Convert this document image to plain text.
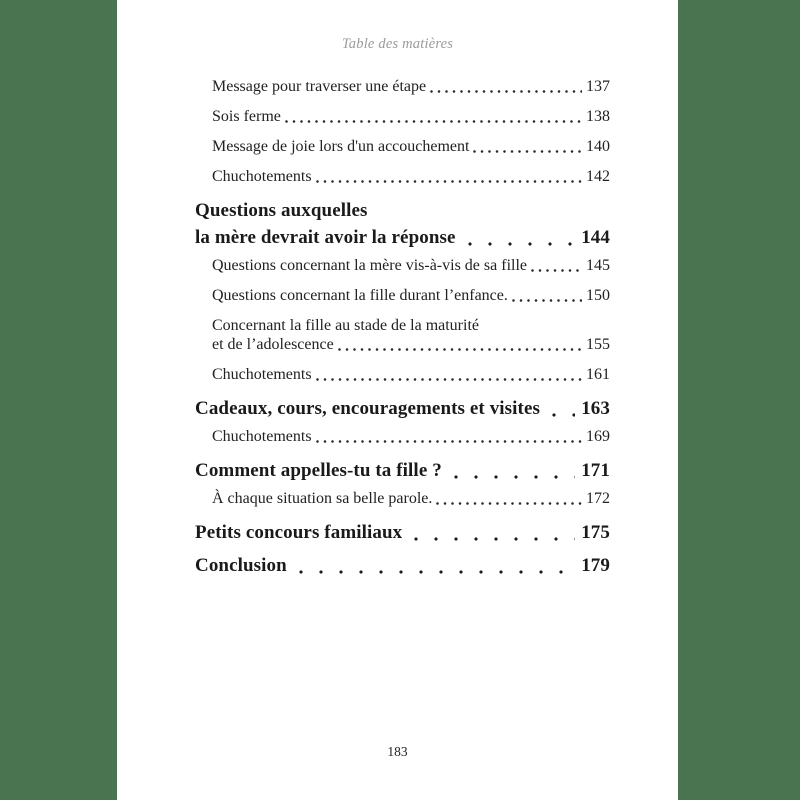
Table des matières
Message pour traverser une étape	137
Sois ferme	138
Message de joie lors d'un accouchement	140
Chuchotements	142
Questions auxquelles
la mère devrait avoir la réponse	144
Questions concernant la mère vis-à-vis de sa fille	145
Questions concernant la fille durant l’enfance.	150
Concernant la fille au stade de la maturité
et de l’adolescence	155
Chuchotements	161
Cadeaux, cours, encouragements et visites 163
Chuchotements	169
Comment appelles-tu ta fille ?	171
À chaque situation sa belle parole.	172
Petits concours familiaux	175
Conclusion	179
183
